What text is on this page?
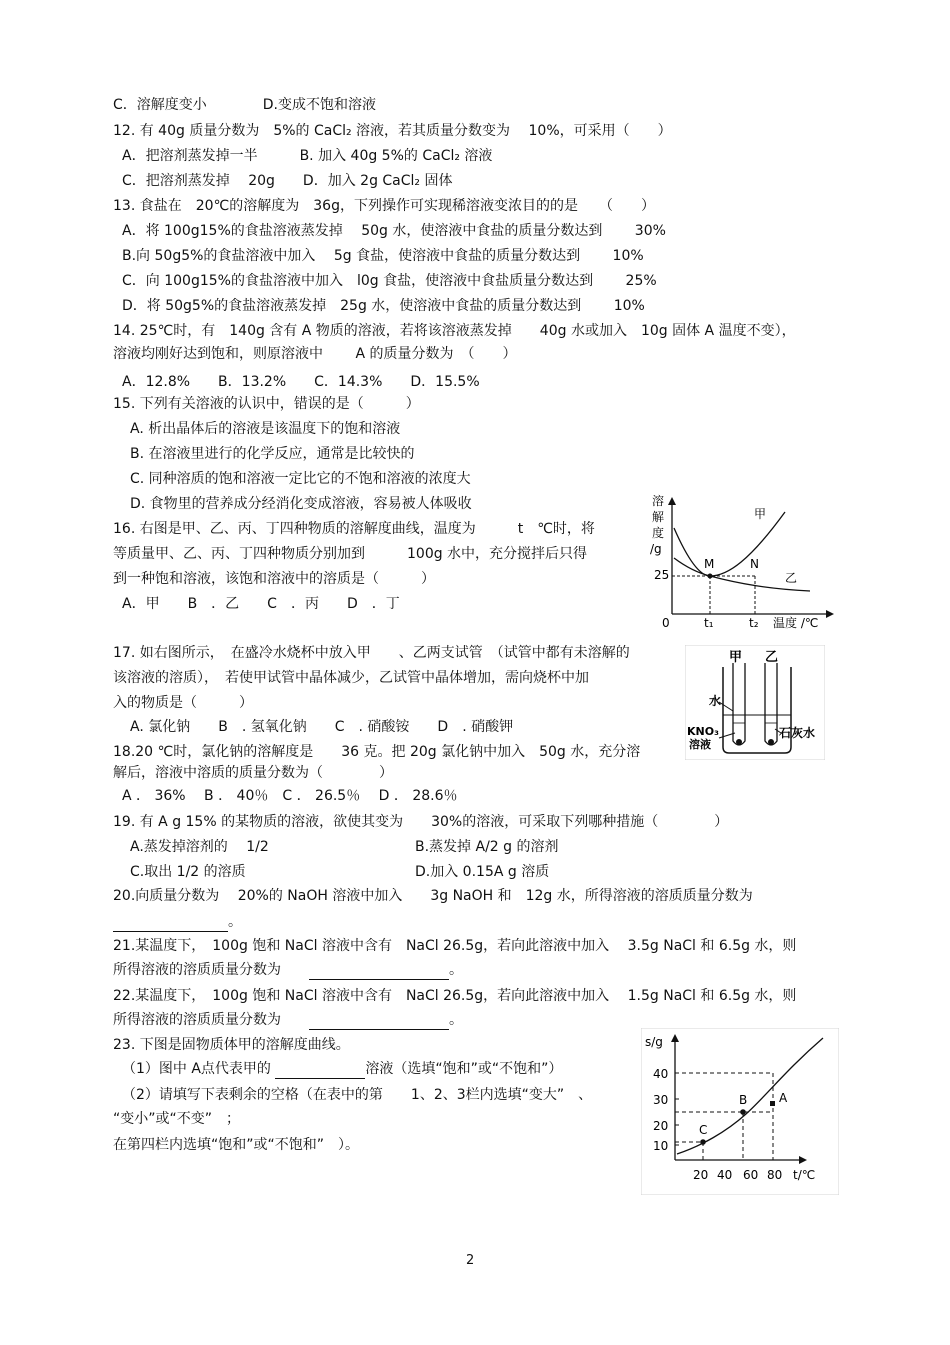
C．溶解度变小　　　　D.变成不饱和溶液
12. 有 40g 质量分数为　5%的 CaCl₂ 溶液，若其质量分数变为　 10%，可采用（　　）
A．把溶剂蒸发掉一半　　　B. 加入 40g 5%的 CaCl₂ 溶液
C．把溶剂蒸发掉　 20g　　D．加入 2g CaCl₂ 固体
13. 食盐在　20℃的溶解度为　36g，下列操作可实现稀溶液变浓目的的是　　（　　）
A．将 100g15%的食盐溶液蒸发掉　 50g 水，使溶液中食盐的质量分数达到　　 30%
B.向 50g5%的食盐溶液中加入　 5g 食盐，使溶液中食盐的质量分数达到　　 10%
C．向 100g15%的食盐溶液中加入　l0g 食盐，使溶液中食盐质量分数达到　　 25%
D．将 50g5%的食盐溶液蒸发掉　25g 水，使溶液中食盐的质量分数达到　　 10%
14. 25℃时，有　140g 含有 A 物质的溶液，若将该溶液蒸发掉　　40g 水或加入　10g 固体 A 温度不变），
溶液均刚好达到饱和，则原溶液中　　 A 的质量分数为　（　　）
A．12.8%　　B．13.2%　　C．14.3%　　D．15.5%
15. 下列有关溶液的认识中，错误的是（　　　）
A. 析出晶体后的溶液是该温度下的饱和溶液
B. 在溶液里进行的化学反应，通常是比较快的
C. 同种溶质的饱和溶液一定比它的不饱和溶液的浓度大
D. 食物里的营养成分经消化变成溶液，容易被人体吸收
16. 右图是甲、乙、丙、丁四种物质的溶解度曲线，温度为　　　t　℃时，将
等质量甲、乙、丙、丁四种物质分别加到　　　100g 水中，充分搅拌后只得
到一种饱和溶液，该饱和溶液中的溶质是（　　　）
A．甲　　B　．乙　　C　．丙　　D　．丁
溶
解
度
/g
0
25
M	N
甲
乙
t₁	t₂ 温度 /℃
17. 如右图所示，　在盛冷水烧杯中放入甲　　、乙两支试管　（试管中都有未溶解的
该溶液的溶质），　若使甲试管中晶体减少，乙试管中晶体增加，需向烧杯中加
入的物质是（　　　）
A. 氯化钠　　B　. 氢氧化钠　　C　. 硝酸铵　　D　. 硝酸钾
甲 乙
水
KNO₃
溶液
石灰水
18.20 ℃时，氯化钠的溶解度是　　36 克。把 20g 氯化钠中加入　50g 水，充分溶
解后，溶液中溶质的质量分数为（　　　　）
A ． 36%　 B ． 40％　C ． 26.5％　 D ． 28.6％
19. 有 A g 15% 的某物质的溶液，欲使其变为　　30%的溶液，可采取下列哪种措施（　　　　）
A.蒸发掉溶剂的　 1/2	B.蒸发掉 A/2 g 的溶剂
C.取出 1/2 的溶质	D.加入 0.15A g 溶质
20.向质量分数为　 20%的 NaOH 溶液中加入　　3g NaOH 和　12g 水，所得溶液的溶质质量分数为
。
21.某温度下，　100g 饱和 NaCl 溶液中含有　NaCl 26.5g，若向此溶液中加入　 3.5g NaCl 和 6.5g 水，则
所得溶液的溶质质量分数为　　	。
22.某温度下，　100g 饱和 NaCl 溶液中含有　NaCl 26.5g，若向此溶液中加入　 1.5g NaCl 和 6.5g 水，则
所得溶液的溶质质量分数为　　	。
23. 下图是固物质体甲的溶解度曲线。
（1）图中 A点代表甲的	溶液（选填“饱和”或“不饱和”）
（2）请填写下表剩余的空格（在表中的第　　1、2、3栏内选填“变大”　、
“变小”或“不变”　；
在第四栏内选填“饱和”或“不饱和”　）。
s/g
40
30
20
10
20 40 60 80 t/℃
C
B	A
2
